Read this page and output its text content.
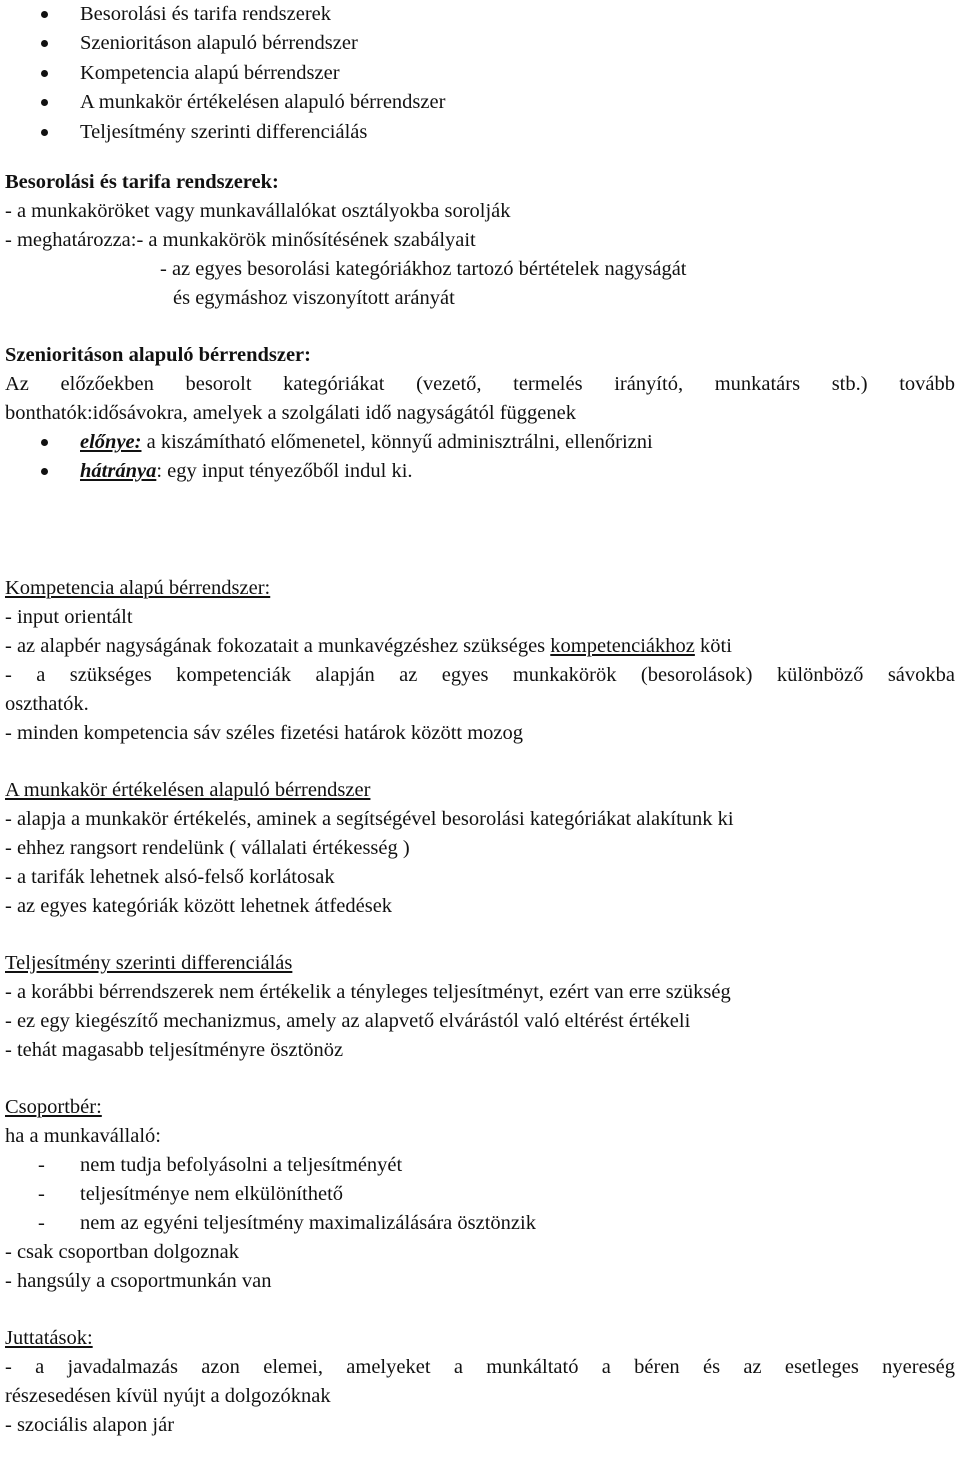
Besorolási és tarifa rendszerek
Szenioritáson alapuló bérrendszer
Kompetencia alapú bérrendszer
A munkakör értékelésen alapuló bérrendszer
Teljesítmény szerinti differenciálás
Besorolási és tarifa rendszerek:
- a munkaköröket vagy munkavállalókat osztályokba sorolják
- meghatározza:- a munkakörök minősítésének szabályait
- az egyes besorolási kategóriákhoz tartozó bértételek nagyságát
és egymáshoz viszonyított arányát
Szenioritáson alapuló bérrendszer:
Az előzőekben besorolt kategóriákat (vezető, termelés irányító, munkatárs stb.) tovább
bonthatók:idősávokra, amelyek a szolgálati idő nagyságától függenek
előnye: a kiszámítható előmenetel, könnyű adminisztrálni, ellenőrizni
hátránya: egy input tényezőből indul ki.
Kompetencia alapú bérrendszer:
- input orientált
- az alapbér nagyságának fokozatait a munkavégzéshez szükséges kompetenciákhoz köti
- a szükséges kompetenciák alapján az egyes munkakörök (besorolások) különböző sávokba
oszthatók.
- minden kompetencia sáv széles fizetési határok között mozog
A munkakör értékelésen alapuló bérrendszer
- alapja a munkakör értékelés, aminek a segítségével besorolási kategóriákat alakítunk ki
- ehhez rangsort rendelünk ( vállalati értékesség )
- a tarifák lehetnek alsó-felső korlátosak
- az egyes kategóriák között lehetnek átfedések
Teljesítmény szerinti differenciálás
- a korábbi bérrendszerek nem értékelik a tényleges teljesítményt, ezért van erre szükség
- ez egy kiegészítő mechanizmus, amely az alapvető elvárástól való eltérést értékeli
- tehát magasabb teljesítményre ösztönöz
Csoportbér:
ha a munkavállaló:
- nem tudja befolyásolni a teljesítményét
- teljesítménye nem elkülöníthető
- nem az egyéni teljesítmény maximalizálására ösztönzik
- csak csoportban dolgoznak
- hangsúly a csoportmunkán van
Juttatások:
- a javadalmazás azon elemei, amelyeket a munkáltató a béren és az esetleges nyereség
részesedésen kívül nyújt a dolgozóknak
- szociális alapon jár
